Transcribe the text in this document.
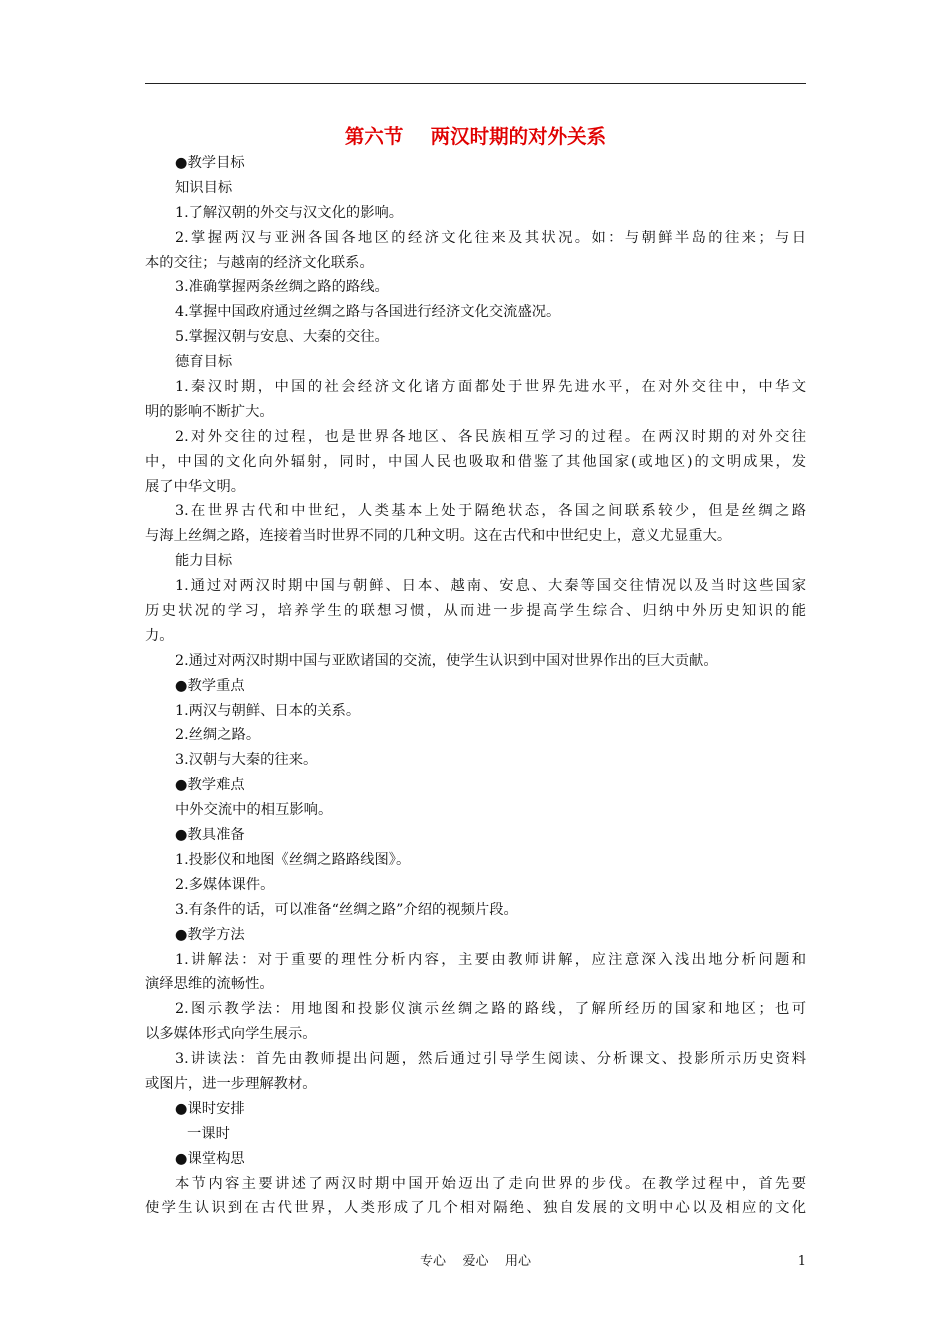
第六节    两汉时期的对外关系
●教学目标
知识目标
1.了解汉朝的外交与汉文化的影响。
2.掌握两汉与亚洲各国各地区的经济文化往来及其状况。如：与朝鲜半岛的往来；与日
本的交往；与越南的经济文化联系。
3.准确掌握两条丝绸之路的路线。
4.掌握中国政府通过丝绸之路与各国进行经济文化交流盛况。
5.掌握汉朝与安息、大秦的交往。
德育目标
1.秦汉时期，中国的社会经济文化诸方面都处于世界先进水平，在对外交往中，中华文
明的影响不断扩大。
2.对外交往的过程，也是世界各地区、各民族相互学习的过程。在两汉时期的对外交往
中，中国的文化向外辐射，同时，中国人民也吸取和借鉴了其他国家(或地区)的文明成果，发
展了中华文明。
3.在世界古代和中世纪，人类基本上处于隔绝状态，各国之间联系较少，但是丝绸之路
与海上丝绸之路，连接着当时世界不同的几种文明。这在古代和中世纪史上，意义尤显重大。
能力目标
1.通过对两汉时期中国与朝鲜、日本、越南、安息、大秦等国交往情况以及当时这些国家
历史状况的学习，培养学生的联想习惯，从而进一步提高学生综合、归纳中外历史知识的能
力。
2.通过对两汉时期中国与亚欧诸国的交流，使学生认识到中国对世界作出的巨大贡献。
●教学重点
1.两汉与朝鲜、日本的关系。
2.丝绸之路。
3.汉朝与大秦的往来。
●教学难点
中外交流中的相互影响。
●教具准备
1.投影仪和地图《丝绸之路路线图》。
2.多媒体课件。
3.有条件的话，可以准备“丝绸之路”介绍的视频片段。
●教学方法
1.讲解法：对于重要的理性分析内容，主要由教师讲解，应注意深入浅出地分析问题和
演绎思维的流畅性。
2.图示教学法：用地图和投影仪演示丝绸之路的路线，了解所经历的国家和地区；也可
以多媒体形式向学生展示。
3.讲读法：首先由教师提出问题，然后通过引导学生阅读、分析课文、投影所示历史资料
或图片，进一步理解教材。
●课时安排
一课时
●课堂构思
本节内容主要讲述了两汉时期中国开始迈出了走向世界的步伐。在教学过程中，首先要
使学生认识到在古代世界，人类形成了几个相对隔绝、独自发展的文明中心以及相应的文化
专心    爱心    用心	1
